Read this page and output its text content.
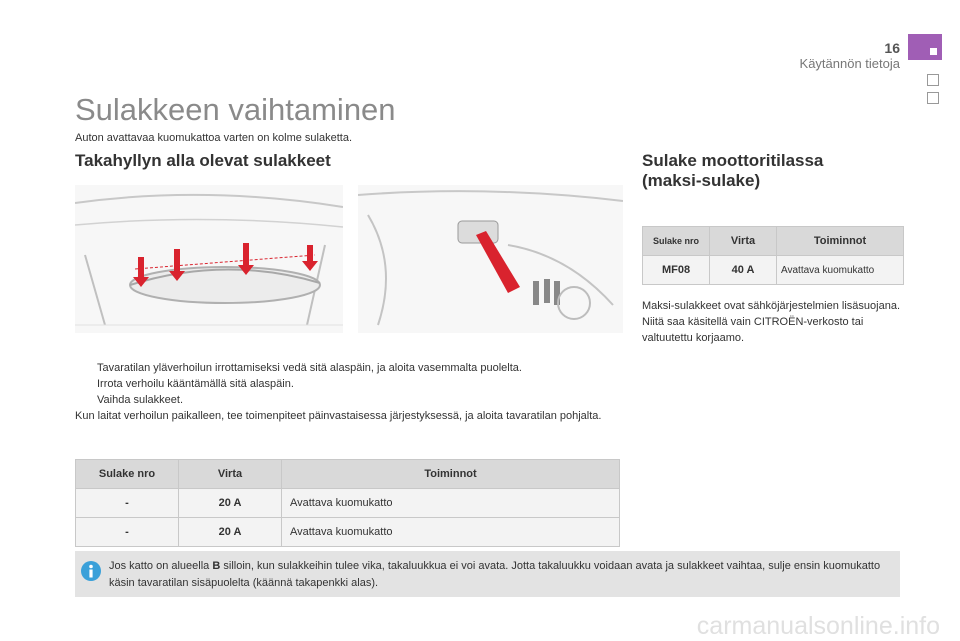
16
Käytännön tietoja
Sulakkeen vaihtaminen
Auton avattavaa kuomukattoa varten on kolme sulaketta.
Takahyllyn alla olevat sulakkeet
Tavaratilan yläverhoilun irrottamiseksi vedä sitä alaspäin, ja aloita vasemmalta puolelta.
Irrota verhoilu kääntämällä sitä alaspäin.
Vaihda sulakkeet.
Kun laitat verhoilun paikalleen, tee toimenpiteet päinvastaisessa järjestyksessä, ja aloita tavaratilan pohjalta.
Sulake nro	Virta	Toiminnot
-	20 A	Avattava kuomukatto
-	20 A	Avattava kuomukatto
Sulake moottoritilassa
(maksi-sulake)
Sulake nro	Virta	Toiminnot
MF08	40 A	Avattava kuomukatto
Maksi-sulakkeet ovat sähköjärjestelmien lisäsuojana. Niitä saa käsitellä vain CITROËN-verkosto tai valtuutettu korjaamo.
Jos katto on alueella B silloin, kun sulakkeihin tulee vika, takaluukkua ei voi avata. Jotta takaluukku voidaan avata ja sulakkeet vaihtaa, sulje ensin kuomukatto käsin tavaratilan sisäpuolelta (käännä takapenkki alas).
carmanualsonline.info
